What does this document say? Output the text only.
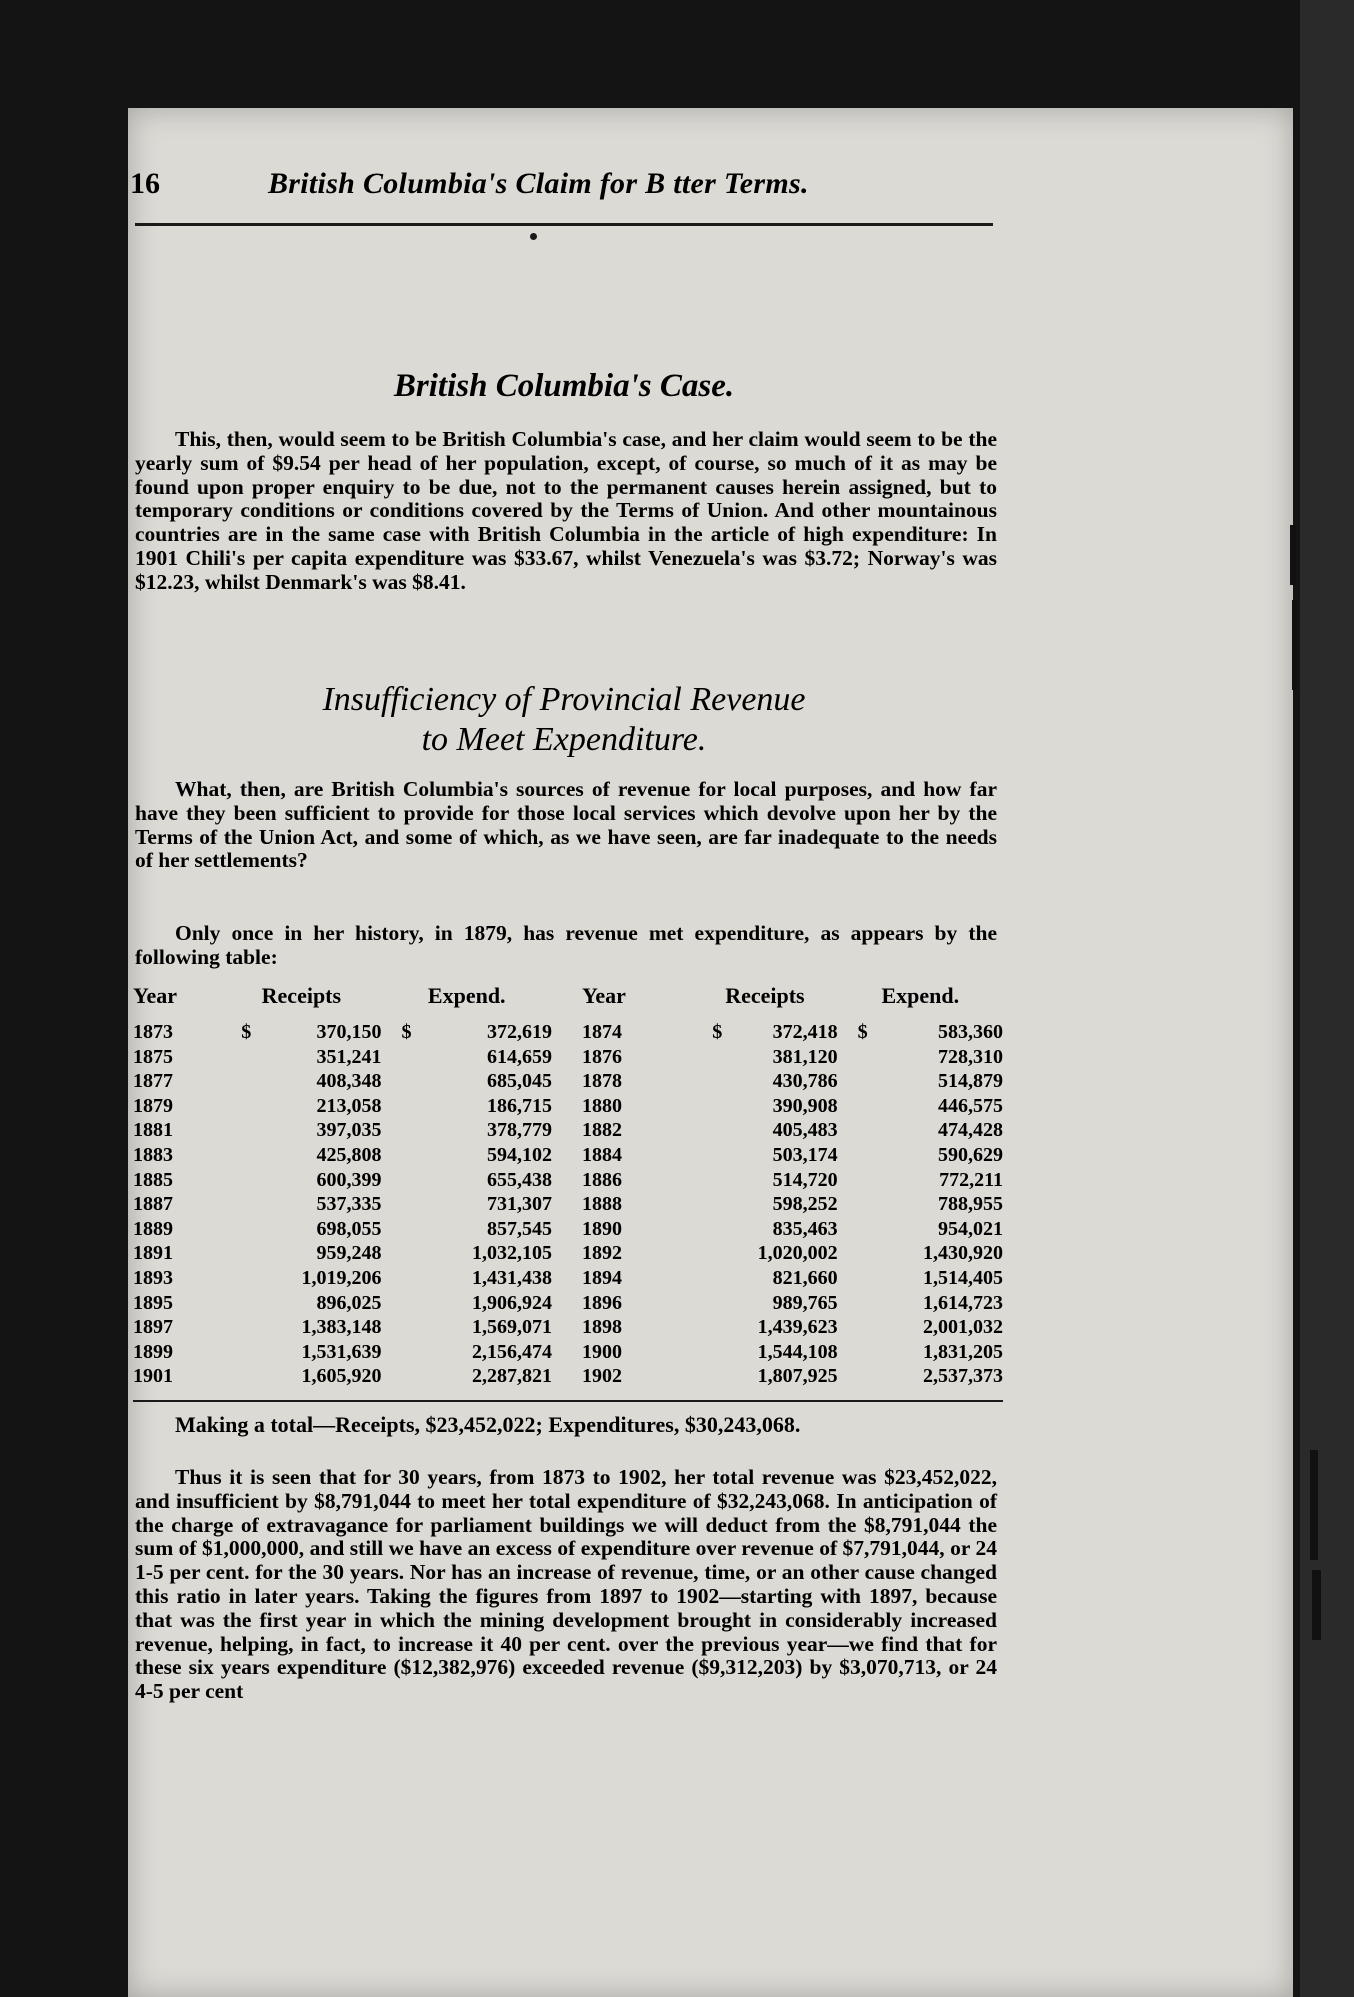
16	British Columbia's Claim for B tter Terms.
British Columbia's Case.

This, then, would seem to be British Columbia's case, and her claim would seem to be the yearly sum of $9.54 per head of her population, except, of course, so much of it as may be found upon proper enquiry to be due, not to the permanent causes herein assigned, but to temporary conditions or conditions covered by the Terms of Union. And other mountainous countries are in the same case with British Columbia in the article of high expenditure: In 1901 Chili's per capita expenditure was $33.67, whilst Venezuela's was $3.72; Norway's was $12.23, whilst Denmark's was $8.41.

Insufficiency of Provincial Revenue
to Meet Expenditure.

What, then, are British Columbia's sources of revenue for local purposes, and how far have they been sufficient to provide for those local services which devolve upon her by the Terms of the Union Act, and some of which, as we have seen, are far inadequate to the needs of her settlements?

Only once in her history, in 1879, has revenue met expenditure, as appears by the following table:

Year	Receipts	Expend.	Year	Receipts	Expend.
1873	$ 370,150	$ 372,619	1874	$ 372,418	$ 583,360
1875	351,241	614,659	1876	381,120	728,310
1877	408,348	685,045	1878	430,786	514,879
1879	213,058	186,715	1880	390,908	446,575
1881	397,035	378,779	1882	405,483	474,428
1883	425,808	594,102	1884	503,174	590,629
1885	600,399	655,438	1886	514,720	772,211
1887	537,335	731,307	1888	598,252	788,955
1889	698,055	857,545	1890	835,463	954,021
1891	959,248	1,032,105	1892	1,020,002	1,430,920
1893	1,019,206	1,431,438	1894	821,660	1,514,405
1895	896,025	1,906,924	1896	989,765	1,614,723
1897	1,383,148	1,569,071	1898	1,439,623	2,001,032
1899	1,531,639	2,156,474	1900	1,544,108	1,831,205
1901	1,605,920	2,287,821	1902	1,807,925	2,537,373
Making a total—Receipts, $23,452,022; Expenditures, $30,243,068.

Thus it is seen that for 30 years, from 1873 to 1902, her total revenue was $23,452,022, and insufficient by $8,791,044 to meet her total expenditure of $32,243,068. In anticipation of the charge of extravagance for parliament buildings we will deduct from the $8,791,044 the sum of $1,000,000, and still we have an excess of expenditure over revenue of $7,791,044, or 24 1-5 per cent. for the 30 years. Nor has an increase of revenue, time, or an other cause changed this ratio in later years. Taking the figures from 1897 to 1902—starting with 1897, because that was the first year in which the mining development brought in considerably increased revenue, helping, in fact, to increase it 40 per cent. over the previous year—we find that for these six years expenditure ($12,382,976) exceeded revenue ($9,312,203) by $3,070,713, or 24 4-5 per cent
